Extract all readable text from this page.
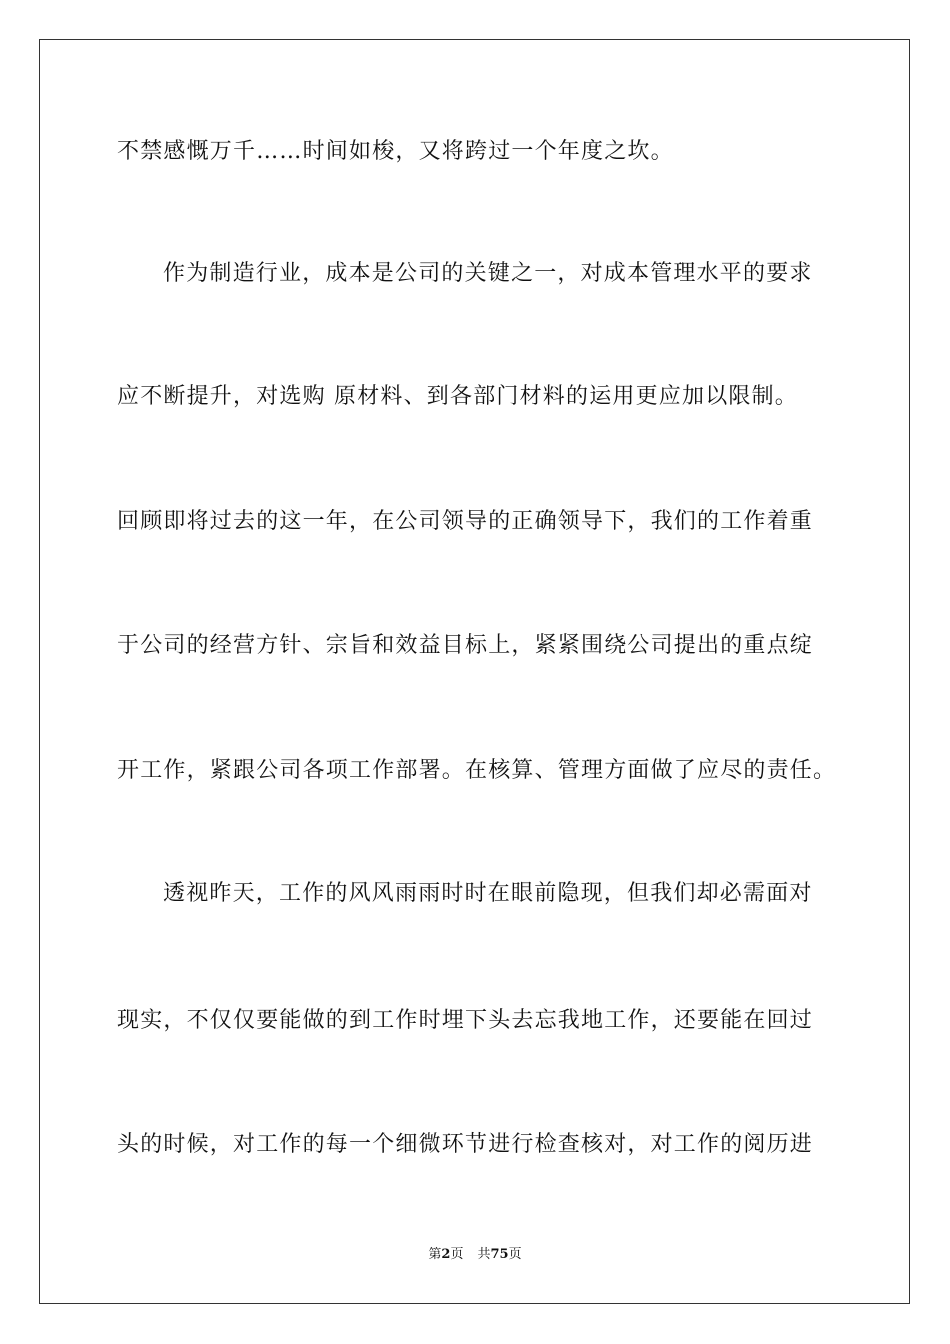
不禁感慨万千……时间如梭，又将跨过一个年度之坎。

作为制造行业，成本是公司的关键之一，对成本管理水平的要求

应不断提升，对选购 原材料、到各部门材料的运用更应加以限制。

回顾即将过去的这一年，在公司领导的正确领导下，我们的工作着重

于公司的经营方针、宗旨和效益目标上，紧紧围绕公司提出的重点绽

开工作，紧跟公司各项工作部署。在核算、管理方面做了应尽的责任。

透视昨天，工作的风风雨雨时时在眼前隐现，但我们却必需面对

现实，不仅仅要能做的到工作时埋下头去忘我地工作，还要能在回过

头的时候，对工作的每一个细微环节进行检查核对，对工作的阅历进

第2页 共75页
